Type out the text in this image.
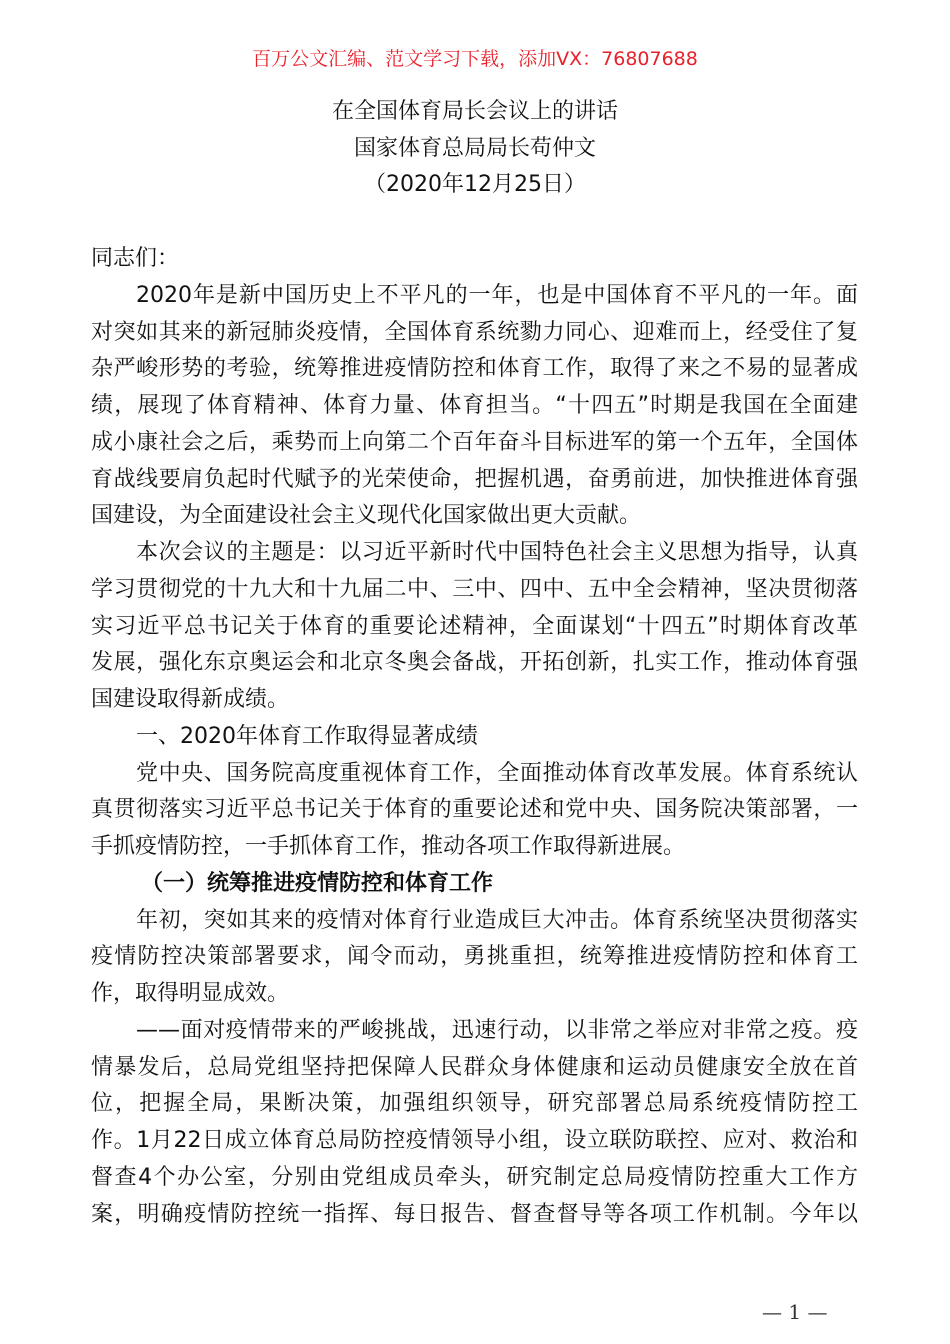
百万公文汇编、范文学习下载，添加VX：76807688
在全国体育局长会议上的讲话
国家体育总局局长苟仲文
（2020年12月25日）
同志们：
2020年是新中国历史上不平凡的一年，也是中国体育不平凡的一年。面
对突如其来的新冠肺炎疫情，全国体育系统勠力同心、迎难而上，经受住了复
杂严峻形势的考验，统筹推进疫情防控和体育工作，取得了来之不易的显著成
绩，展现了体育精神、体育力量、体育担当。“十四五”时期是我国在全面建
成小康社会之后，乘势而上向第二个百年奋斗目标进军的第一个五年，全国体
育战线要肩负起时代赋予的光荣使命，把握机遇，奋勇前进，加快推进体育强
国建设，为全面建设社会主义现代化国家做出更大贡献。
本次会议的主题是：以习近平新时代中国特色社会主义思想为指导，认真
学习贯彻党的十九大和十九届二中、三中、四中、五中全会精神，坚决贯彻落
实习近平总书记关于体育的重要论述精神，全面谋划“十四五”时期体育改革
发展，强化东京奥运会和北京冬奥会备战，开拓创新，扎实工作，推动体育强
国建设取得新成绩。
一、2020年体育工作取得显著成绩
党中央、国务院高度重视体育工作，全面推动体育改革发展。体育系统认
真贯彻落实习近平总书记关于体育的重要论述和党中央、国务院决策部署，一
手抓疫情防控，一手抓体育工作，推动各项工作取得新进展。
（一）统筹推进疫情防控和体育工作
年初，突如其来的疫情对体育行业造成巨大冲击。体育系统坚决贯彻落实
疫情防控决策部署要求，闻令而动，勇挑重担，统筹推进疫情防控和体育工
作，取得明显成效。
——面对疫情带来的严峻挑战，迅速行动，以非常之举应对非常之疫。疫
情暴发后，总局党组坚持把保障人民群众身体健康和运动员健康安全放在首
位，把握全局，果断决策，加强组织领导，研究部署总局系统疫情防控工
作。1月22日成立体育总局防控疫情领导小组，设立联防联控、应对、救治和
督查4个办公室，分别由党组成员牵头，研究制定总局疫情防控重大工作方
案，明确疫情防控统一指挥、每日报告、督查督导等各项工作机制。今年以
— 1 —
